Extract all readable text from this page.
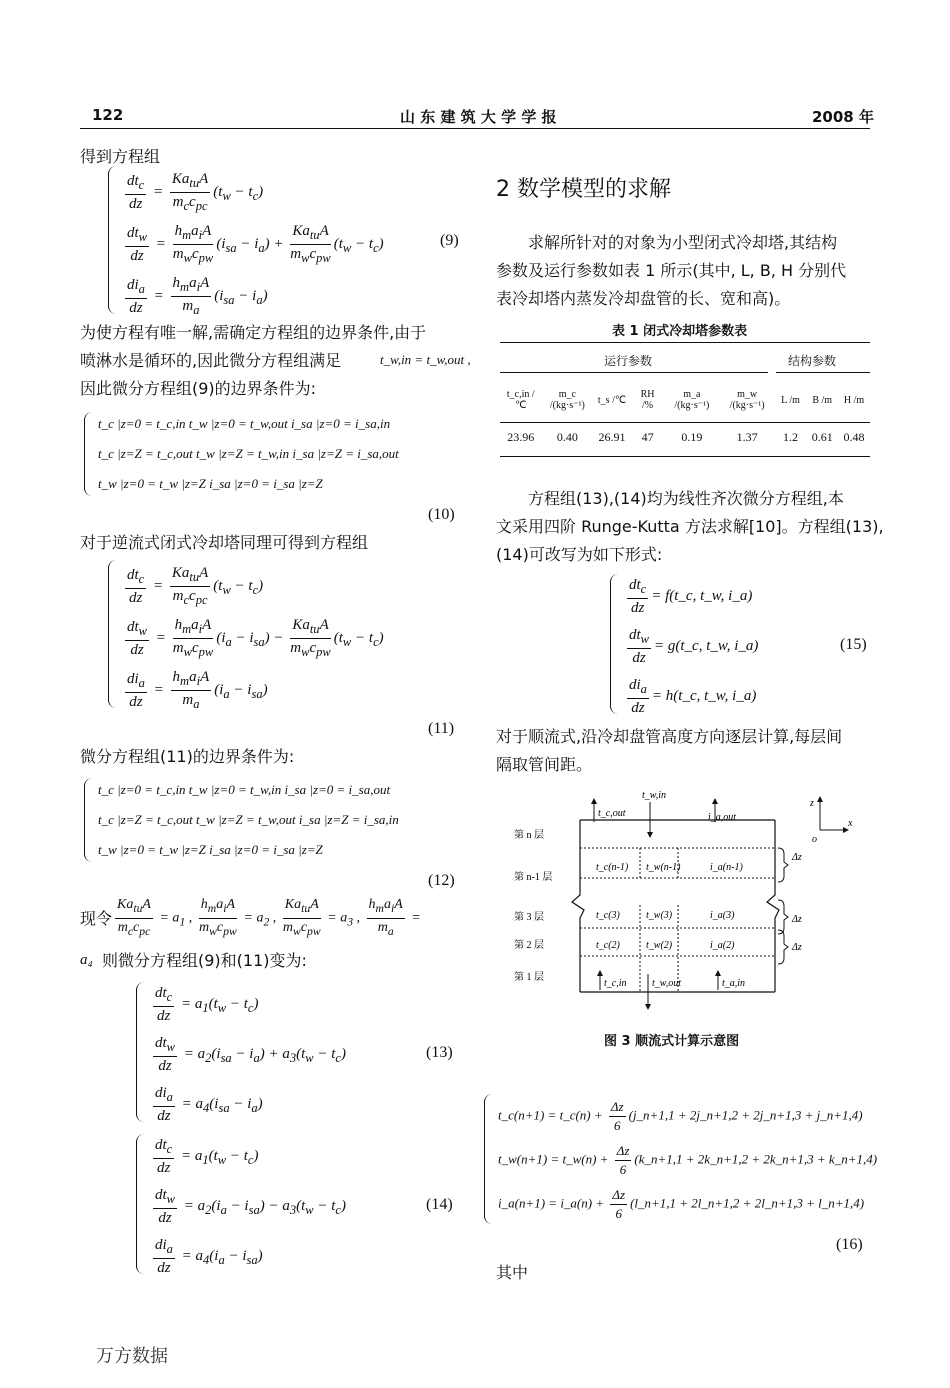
122	山 东 建 筑 大 学 学 报	2008 年
得到方程组
$\frac{dt_c}{dz} = \frac{Ka_{tu}A}{m_cc_{pc}} (t_w - t_c)$
$\frac{dt_w}{dz} = \frac{h_ma_iA}{m_wc_{pw}} (i_{sa} - i_a) + \frac{Ka_{tu}A}{m_wc_{pw}} (t_w - t_c)$
$\frac{di_a}{dz} = \frac{h_ma_iA}{m_a} (i_{sa} - i_a)$
(9)
为使方程有唯一解,需确定方程组的边界条件,由于
喷淋水是循环的,因此微分方程组满足	t_w,in = t_w,out ,
因此微分方程组(9)的边界条件为:
t_c |z=0 = t_c,in t_w |z=0 = t_w,out i_sa |z=0 = i_sa,in
t_c |z=Z = t_c,out t_w |z=Z = t_w,in i_sa |z=Z = i_sa,out
t_w |z=0 = t_w |z=Z i_sa |z=0 = i_sa |z=Z
(10)
对于逆流式闭式冷却塔同理可得到方程组
$\frac{dt_c}{dz} = \frac{Ka_{tu}A}{m_cc_{pc}} (t_w - t_c)$
$\frac{dt_w}{dz} = \frac{h_ma_iA}{m_wc_{pw}} (i_a - i_{sa}) - \frac{Ka_{tu}A}{m_wc_{pw}} (t_w - t_c)$
$\frac{di_a}{dz} = \frac{h_ma_iA}{m_a} (i_a - i_{sa})$
(11)
微分方程组(11)的边界条件为:
t_c |z=0 = t_c,in t_w |z=0 = t_w,in i_sa |z=0 = i_sa,out
t_c |z=Z = t_c,out t_w |z=Z = t_w,out i_sa |z=Z = i_sa,in
t_w |z=0 = t_w |z=Z i_sa |z=0 = i_sa |z=Z
(12)
现令 $\frac{Ka_{tu}A}{m_cc_{pc}} = a_1$ , $\frac{h_ma_iA}{m_wc_{pw}} = a_2$ , $\frac{Ka_{tu}A}{m_wc_{pw}} = a_3$ , $\frac{h_ma_iA}{m_a}$ =
a₄ 则微分方程组(9)和(11)变为:
$\frac{dt_c}{dz} = a_1(t_w - t_c)$
$\frac{dt_w}{dz} = a_2(i_{sa} - i_a) + a_3(t_w - t_c)$
$\frac{di_a}{dz} = a_4(i_{sa} - i_a)$
(13)
$\frac{dt_c}{dz} = a_1(t_w - t_c)$
$\frac{dt_w}{dz} = a_2(i_a - i_{sa}) - a_3(t_w - t_c)$
$\frac{di_a}{dz} = a_4(i_a - i_{sa})$
(14)
2 数学模型的求解
求解所针对的对象为小型闭式冷却塔,其结构
参数及运行参数如表 1 所示(其中, L, B, H 分别代
表冷却塔内蒸发冷却盘管的长、宽和高)。
表 1 闭式冷却塔参数表
运行参数	结构参数
t_c,in /℃	m_c /(kg·s⁻¹)	t_s /℃	RH /%	m_a /(kg·s⁻¹)	m_w /(kg·s⁻¹)	L /m	B /m	H /m
23.96	0.40	26.91	47	0.19	1.37	1.2	0.61	0.48
方程组(13),(14)均为线性齐次微分方程组,本
文采用四阶 Runge-Kutta 方法求解[10]。方程组(13),
(14)可改写为如下形式:
$\frac{dt_c}{dz}$ = f(t_c, t_w, i_a)
$\frac{dt_w}{dz}$ = g(t_c, t_w, i_a)
$\frac{di_a}{dz}$ = h(t_c, t_w, i_a)
(15)
对于顺流式,沿冷却盘管高度方向逐层计算,每层间
隔取管间距。
第 n 层
第 n-1 层
第 3 层
第 2 层
第 1 层
t_c,out
t_w,in
i_a,out
t_c,in	t_w,out	t_a,in
t_c(n-1) t_w(n-1)	i_a(n-1)
t_c(3)	t_w(3)	i_a(3)
t_c(2)	t_w(2)	i_a(2)
Δz
Δz
Δz
z
x
o
图 3 顺流式计算示意图
t_c(n+1) = t_c(n) + $\frac{\Delta z}{6}$ (j_n+1,1 + 2j_n+1,2 + 2j_n+1,3 + j_n+1,4)
t_w(n+1) = t_w(n) + $\frac{\Delta z}{6}$ (k_n+1,1 + 2k_n+1,2 + 2k_n+1,3 + k_n+1,4)
i_a(n+1) = i_a(n) + $\frac{\Delta z}{6}$ (l_n+1,1 + 2l_n+1,2 + 2l_n+1,3 + l_n+1,4)
(16)
其中
万方数据
